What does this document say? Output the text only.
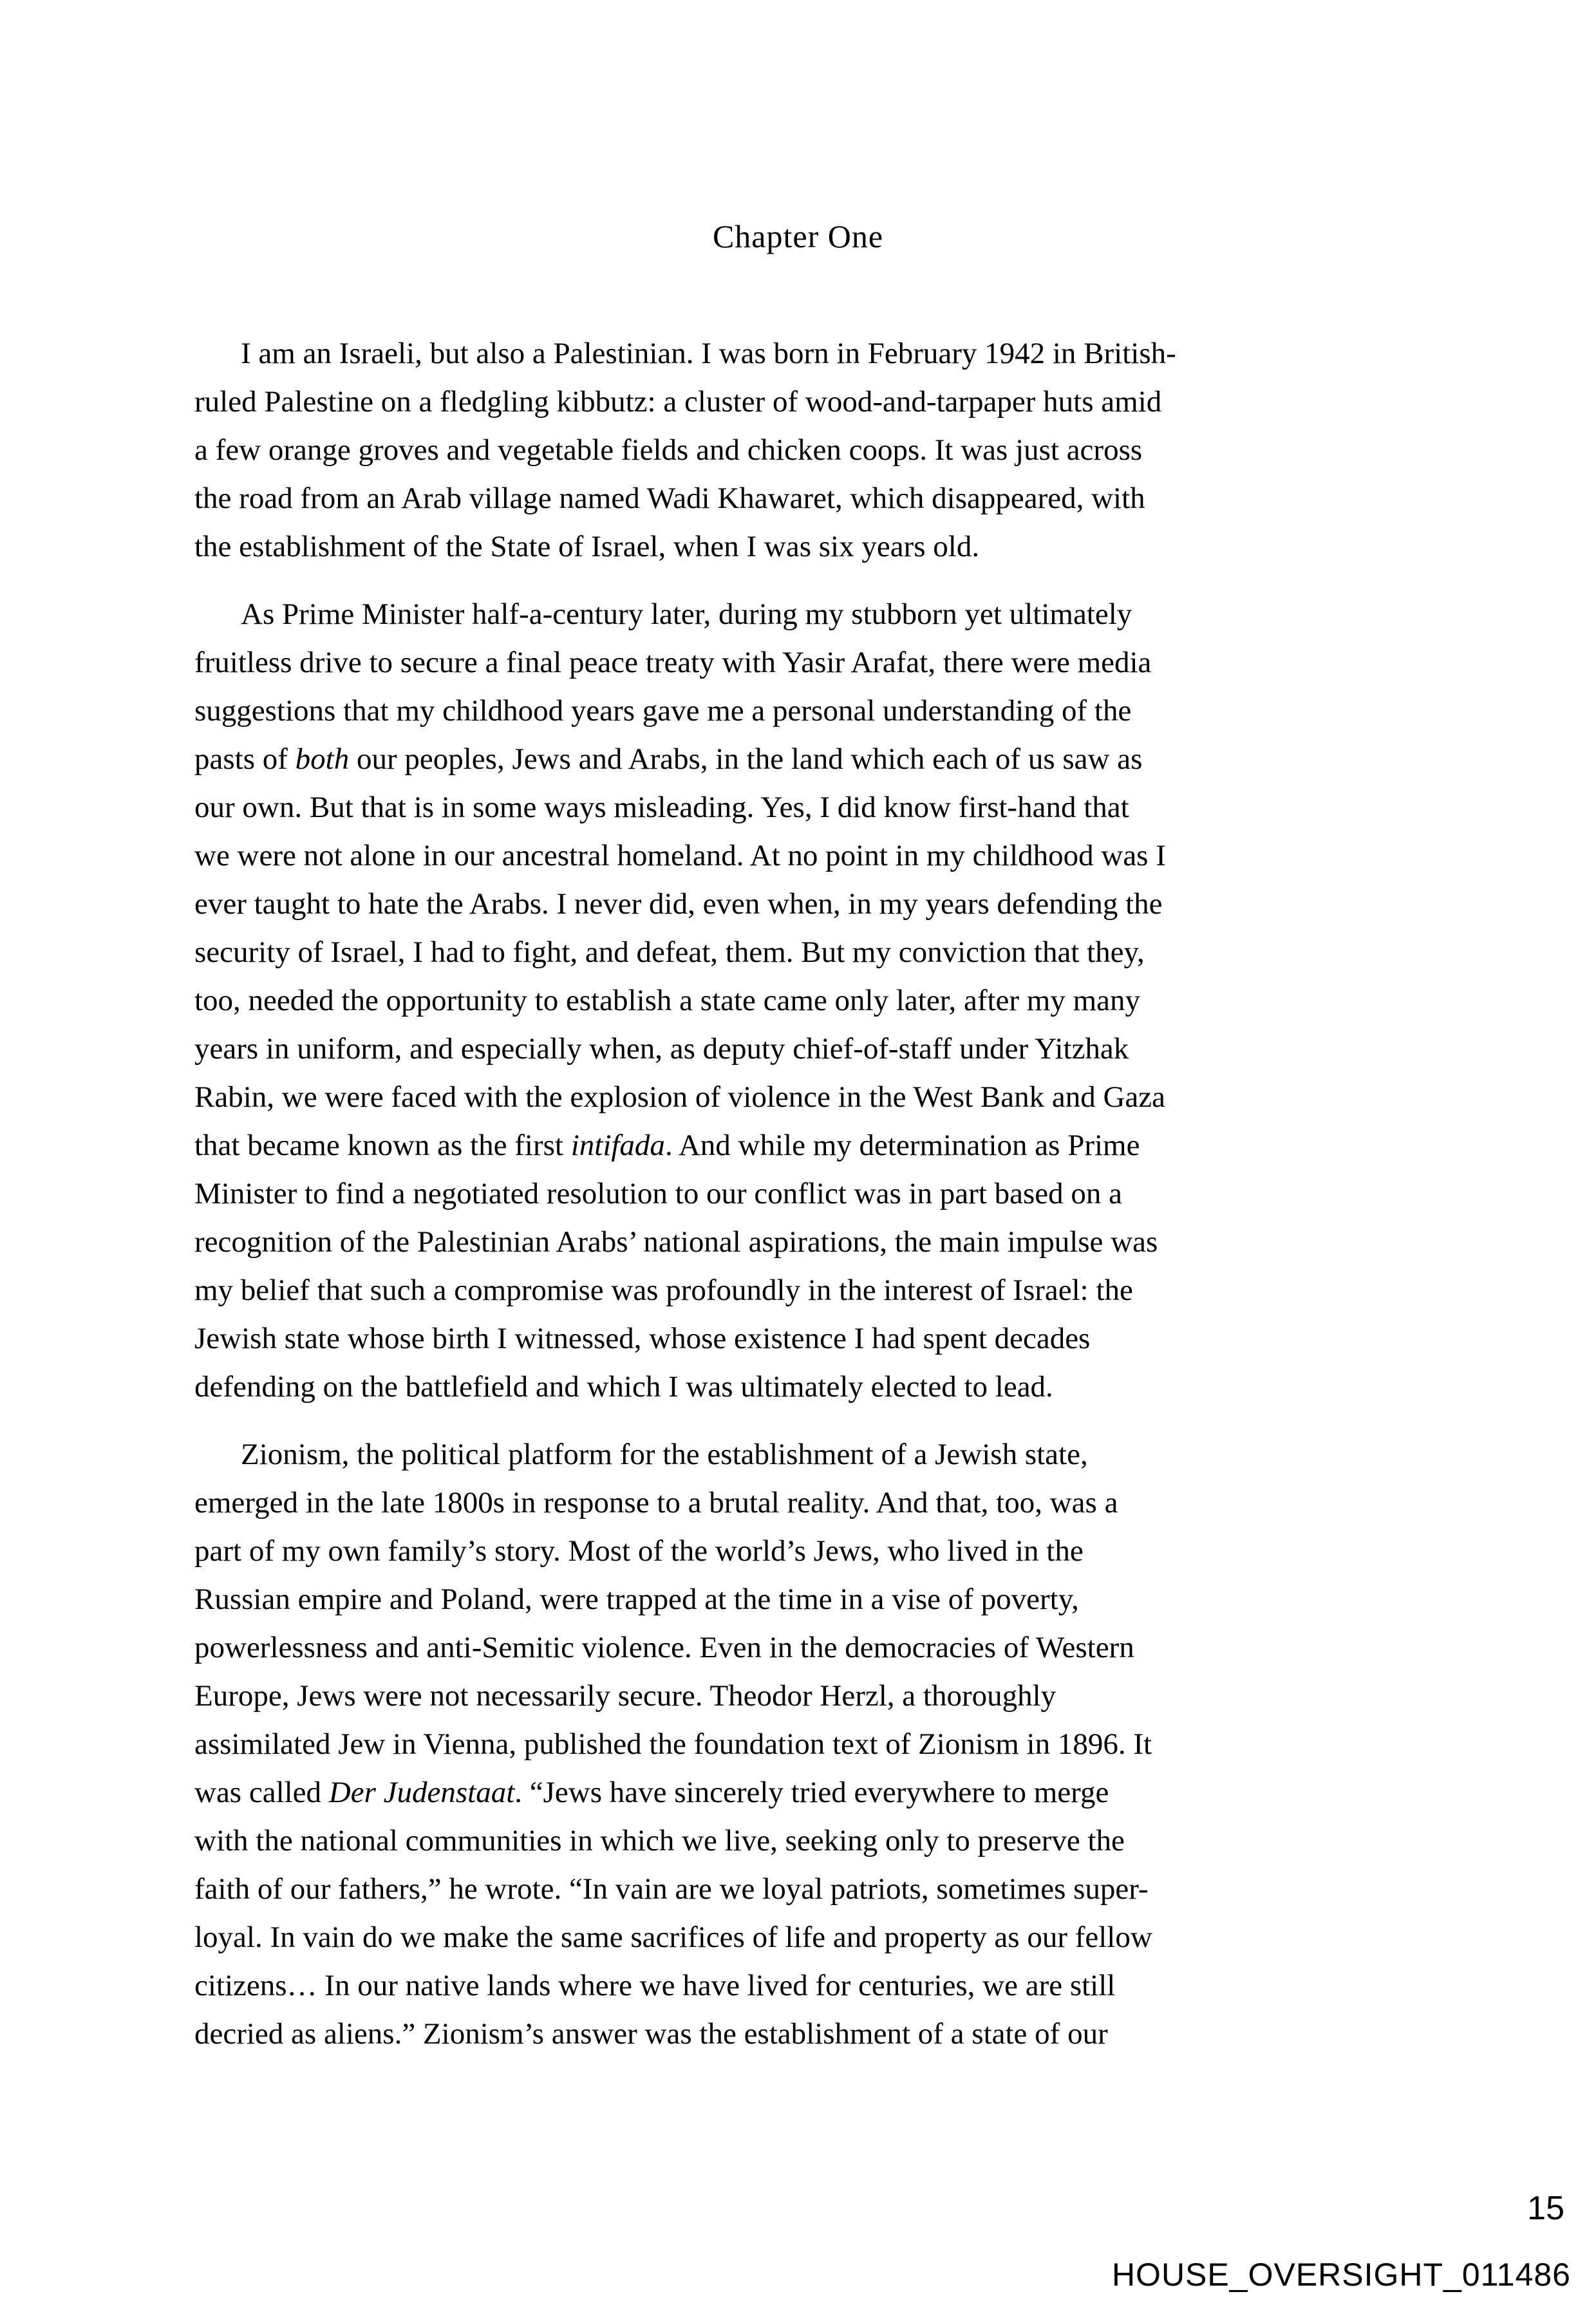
Chapter One
I am an Israeli, but also a Palestinian. I was born in February 1942 in British-
ruled Palestine on a fledgling kibbutz: a cluster of wood-and-tarpaper huts amid
a few orange groves and vegetable fields and chicken coops. It was just across
the road from an Arab village named Wadi Khawaret, which disappeared, with
the establishment of the State of Israel, when I was six years old.
As Prime Minister half-a-century later, during my stubborn yet ultimately
fruitless drive to secure a final peace treaty with Yasir Arafat, there were media
suggestions that my childhood years gave me a personal understanding of the
pasts of both our peoples, Jews and Arabs, in the land which each of us saw as
our own. But that is in some ways misleading. Yes, I did know first-hand that
we were not alone in our ancestral homeland. At no point in my childhood was I
ever taught to hate the Arabs. I never did, even when, in my years defending the
security of Israel, I had to fight, and defeat, them. But my conviction that they,
too, needed the opportunity to establish a state came only later, after my many
years in uniform, and especially when, as deputy chief-of-staff under Yitzhak
Rabin, we were faced with the explosion of violence in the West Bank and Gaza
that became known as the first intifada. And while my determination as Prime
Minister to find a negotiated resolution to our conflict was in part based on a
recognition of the Palestinian Arabs’ national aspirations, the main impulse was
my belief that such a compromise was profoundly in the interest of Israel: the
Jewish state whose birth I witnessed, whose existence I had spent decades
defending on the battlefield and which I was ultimately elected to lead.
Zionism, the political platform for the establishment of a Jewish state,
emerged in the late 1800s in response to a brutal reality. And that, too, was a
part of my own family’s story. Most of the world’s Jews, who lived in the
Russian empire and Poland, were trapped at the time in a vise of poverty,
powerlessness and anti-Semitic violence. Even in the democracies of Western
Europe, Jews were not necessarily secure. Theodor Herzl, a thoroughly
assimilated Jew in Vienna, published the foundation text of Zionism in 1896. It
was called Der Judenstaat. “Jews have sincerely tried everywhere to merge
with the national communities in which we live, seeking only to preserve the
faith of our fathers,” he wrote. “In vain are we loyal patriots, sometimes super-
loyal. In vain do we make the same sacrifices of life and property as our fellow
citizens… In our native lands where we have lived for centuries, we are still
decried as aliens.” Zionism’s answer was the establishment of a state of our
15
HOUSE_OVERSIGHT_011486
